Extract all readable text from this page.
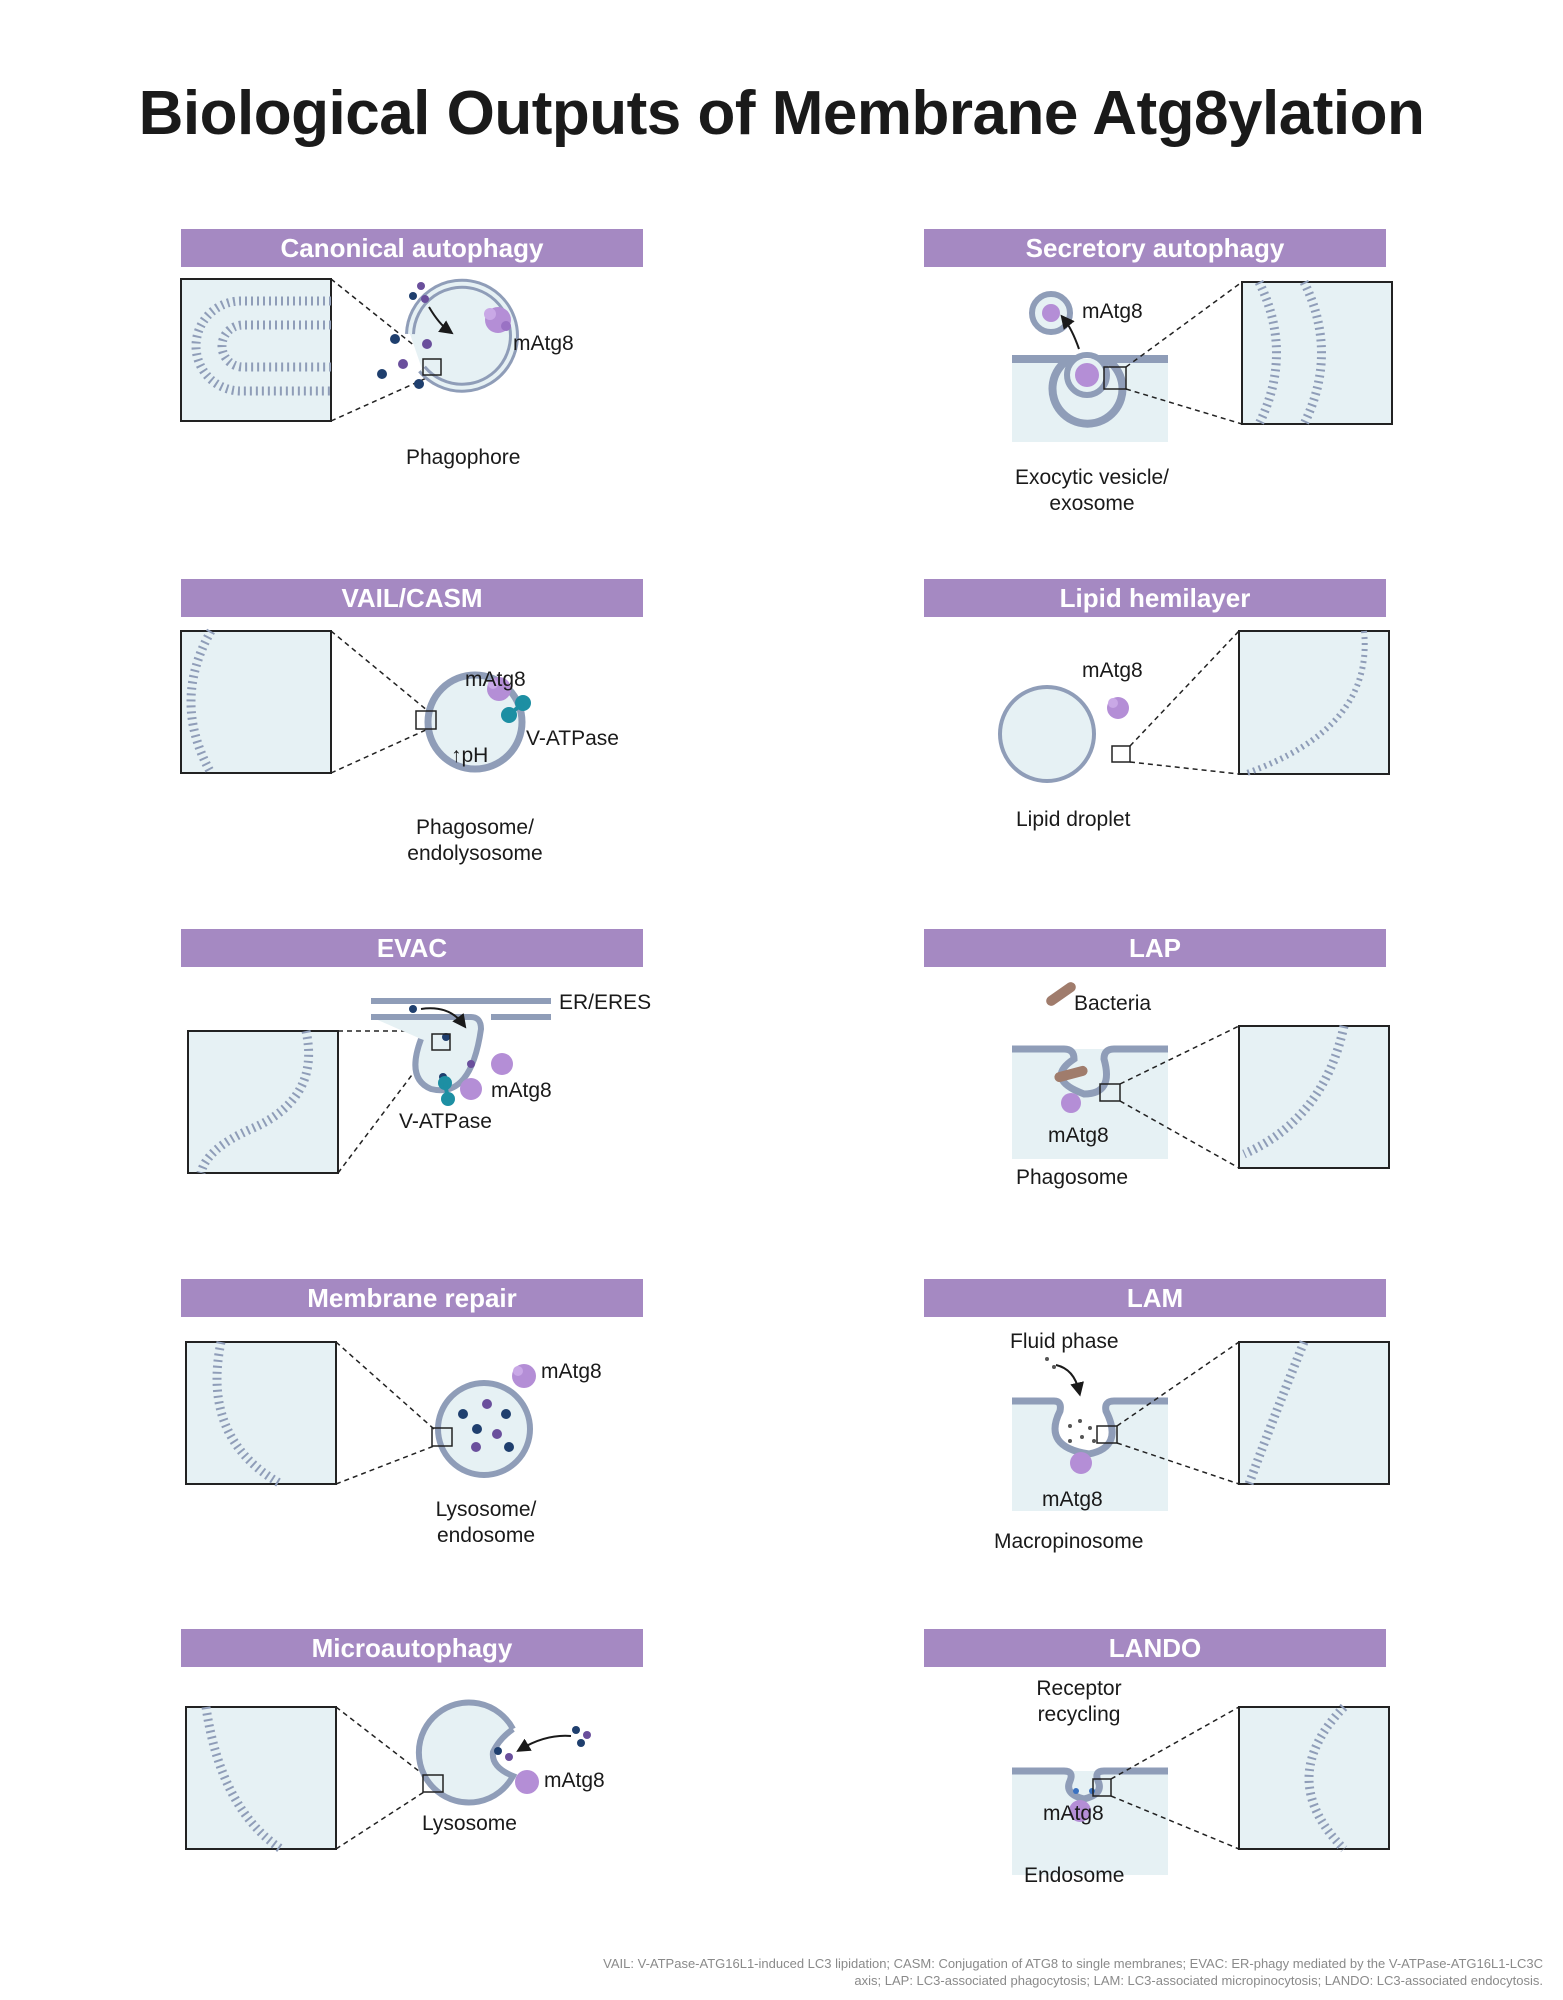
Biological Outputs of Membrane Atg8ylation
Canonical autophagy
mAtg8
Phagophore
Secretory autophagy
mAtg8
Exocytic vesicle/
exosome
VAIL/CASM
mAtg8
V-ATPase
↑pH
Phagosome/
endolysosome
Lipid hemilayer
mAtg8
Lipid droplet
EVAC
ER/ERES
mAtg8
V-ATPase
LAP
Bacteria
mAtg8
Phagosome
Membrane repair
mAtg8
Lysosome/
endosome
LAM
Fluid phase
mAtg8
Macropinosome
Microautophagy
mAtg8
Lysosome
LANDO
Receptor
recycling
mAtg8
Endosome
VAIL: V-ATPase-ATG16L1-induced LC3 lipidation; CASM: Conjugation of ATG8 to single membranes; EVAC: ER-phagy mediated by the V-ATPase-ATG16L1-LC3C axis; LAP: LC3-associated phagocytosis; LAM: LC3-associated micropinocytosis; LANDO: LC3-associated endocytosis.
